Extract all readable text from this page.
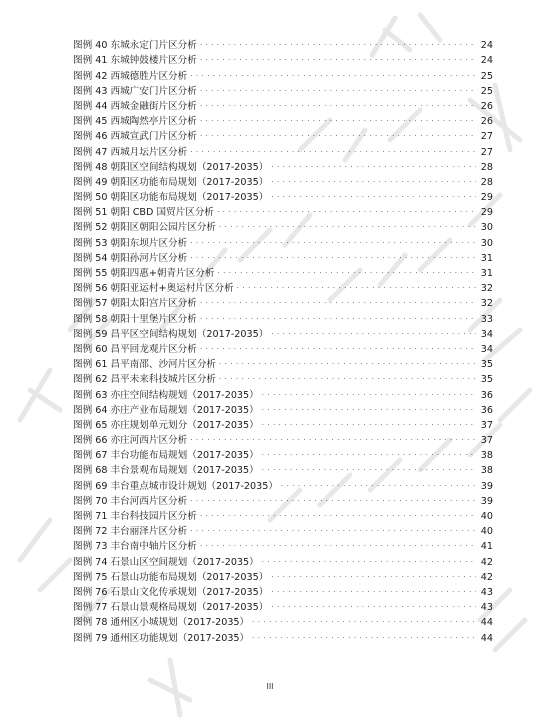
图例 40 东城永定门片区分析 . . .	24
图例 41 东城钟鼓楼片区分析 . . .	24
图例 42 西城德胜片区分析 . . .	25
图例 43 西城广安门片区分析 . . .	25
图例 44 西城金融街片区分析 . . .	26
图例 45 西城陶然亭片区分析 . . .	26
图例 46 西城宣武门片区分析 . . .	27
图例 47 西城月坛片区分析 . . .	27
图例 48 朝阳区空间结构规划（2017-2035） . . .	28
图例 49 朝阳区功能布局规划（2017-2035） . . .	28
图例 50 朝阳区功能布局规划（2017-2035） . . .	29
图例 51 朝阳 CBD 国贸片区分析 . . .	29
图例 52 朝阳区朝阳公园片区分析 . . .	30
图例 53 朝阳东坝片区分析 . . .	30
图例 54 朝阳孙河片区分析 . . .	31
图例 55 朝阳四惠+朝青片区分析 . . .	31
图例 56 朝阳亚运村+奥运村片区分析 . . .	32
图例 57 朝阳太阳宫片区分析 . . .	32
图例 58 朝阳十里堡片区分析 . . .	33
图例 59 昌平区空间结构规划（2017-2035） . . .	34
图例 60 昌平回龙观片区分析 . . .	34
图例 61 昌平南邵、沙河片区分析 . . .	35
图例 62 昌平未来科技城片区分析 . . .	35
图例 63 亦庄空间结构规划（2017-2035） . . .	36
图例 64 亦庄产业布局规划（2017-2035） . . .	36
图例 65 亦庄规划单元划分（2017-2035） . . .	37
图例 66 亦庄河西片区分析 . . .	37
图例 67 丰台功能布局规划（2017-2035） . . .	38
图例 68 丰台景观布局规划（2017-2035） . . .	38
图例 69 丰台重点城市设计规划（2017-2035） . . .	39
图例 70 丰台河西片区分析 . . .	39
图例 71 丰台科技园片区分析 . . .	40
图例 72 丰台丽泽片区分析 . . .	40
图例 73 丰台南中轴片区分析 . . .	41
图例 74 石景山区空间规划（2017-2035） . . .	42
图例 75 石景山功能布局规划（2017-2035） . . .	42
图例 76 石景山文化传承规划（2017-2035） . . .	43
图例 77 石景山景观格局规划（2017-2035） . . .	43
图例 78 通州区小城规划（2017-2035） . . .	44
图例 79 通州区功能规划（2017-2035） . . .	44
III
